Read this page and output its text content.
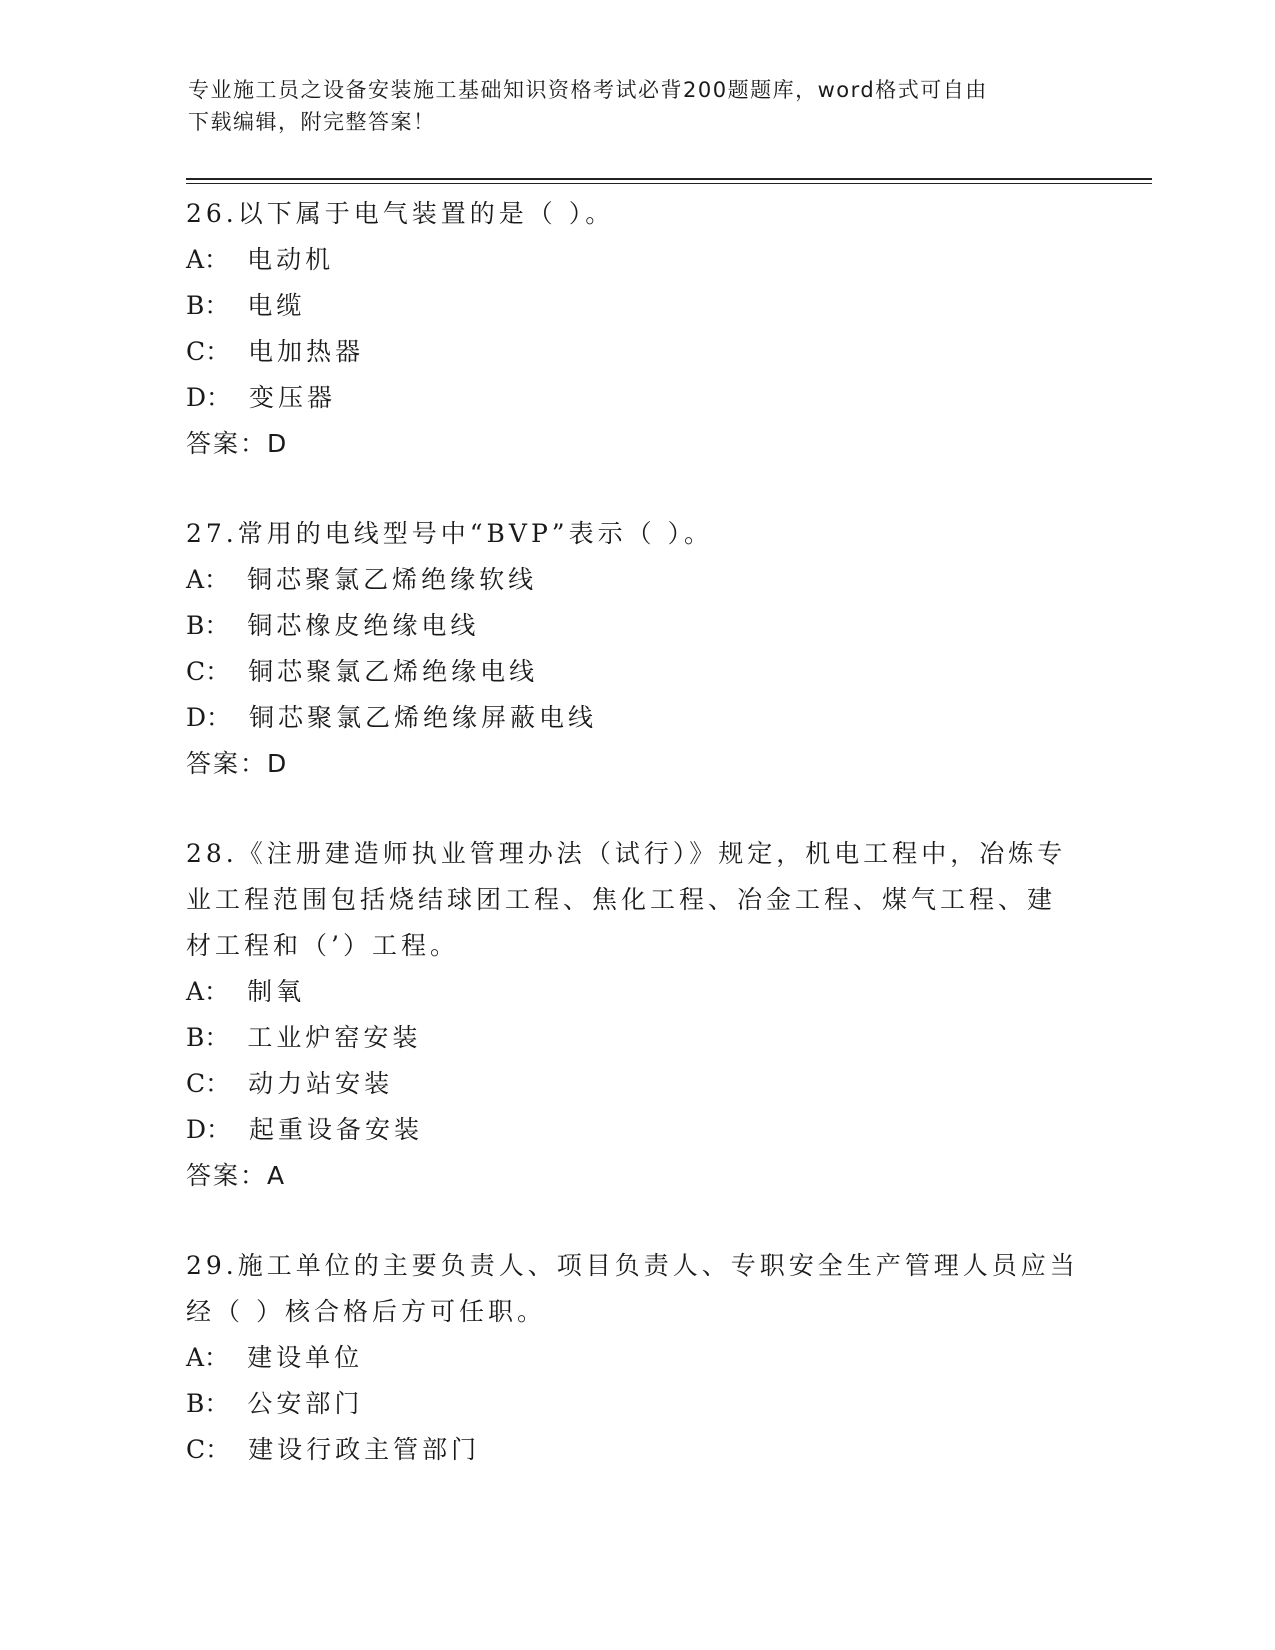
专业施工员之设备安装施工基础知识资格考试必背200题题库，word格式可自由
下载编辑，附完整答案！
26.以下属于电气装置的是（ ）。
A： 电动机
B： 电缆
C： 电加热器
D： 变压器
答案：D
27.常用的电线型号中“BVP”表示（ ）。
A： 铜芯聚氯乙烯绝缘软线
B： 铜芯橡皮绝缘电线
C： 铜芯聚氯乙烯绝缘电线
D： 铜芯聚氯乙烯绝缘屏蔽电线
答案：D
28.《注册建造师执业管理办法（试行）》规定，机电工程中，冶炼专
业工程范围包括烧结球团工程、焦化工程、冶金工程、煤气工程、建
材工程和（’）工程。
A： 制氧
B： 工业炉窑安装
C： 动力站安装
D： 起重设备安装
答案：A
29.施工单位的主要负责人、项目负责人、专职安全生产管理人员应当
经（ ）核合格后方可任职。
A： 建设单位
B： 公安部门
C： 建设行政主管部门
